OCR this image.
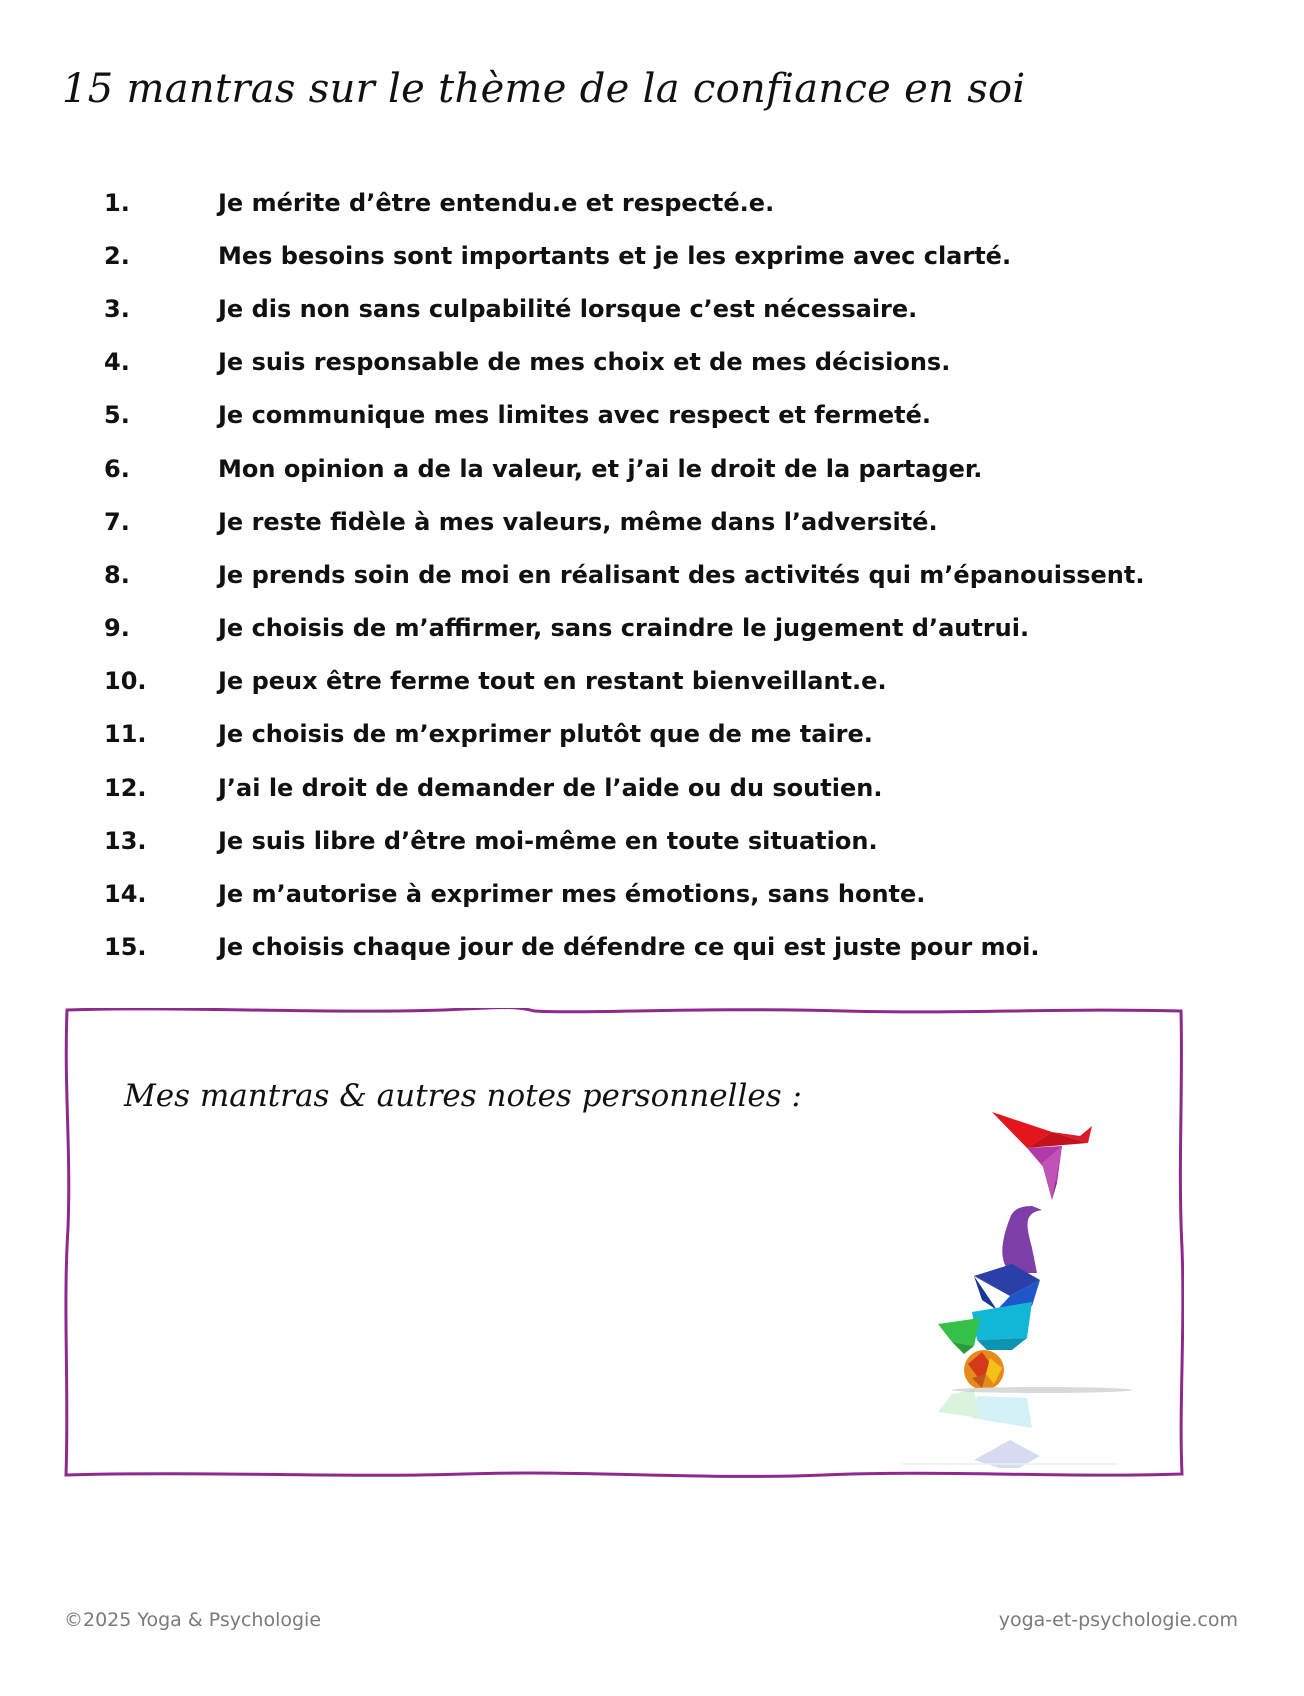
15 mantras sur le thème de la confiance en soi
1.	Je mérite d’être entendu.e et respecté.e.
2.	Mes besoins sont importants et je les exprime avec clarté.
3.	Je dis non sans culpabilité lorsque c’est nécessaire.
4.	Je suis responsable de mes choix et de mes décisions.
5.	Je communique mes limites avec respect et fermeté.
6.	Mon opinion a de la valeur, et j’ai le droit de la partager.
7.	Je reste fidèle à mes valeurs, même dans l’adversité.
8.	Je prends soin de moi en réalisant des activités qui m’épanouissent.
9.	Je choisis de m’affirmer, sans craindre le jugement d’autrui.
10.	Je peux être ferme tout en restant bienveillant.e.
11.	Je choisis de m’exprimer plutôt que de me taire.
12.	J’ai le droit de demander de l’aide ou du soutien.
13.	Je suis libre d’être moi-même en toute situation.
14.	Je m’autorise à exprimer mes émotions, sans honte.
15.	Je choisis chaque jour de défendre ce qui est juste pour moi.
Mes mantras & autres notes personnelles :
©2025 Yoga & Psychologie	yoga-et-psychologie.com
